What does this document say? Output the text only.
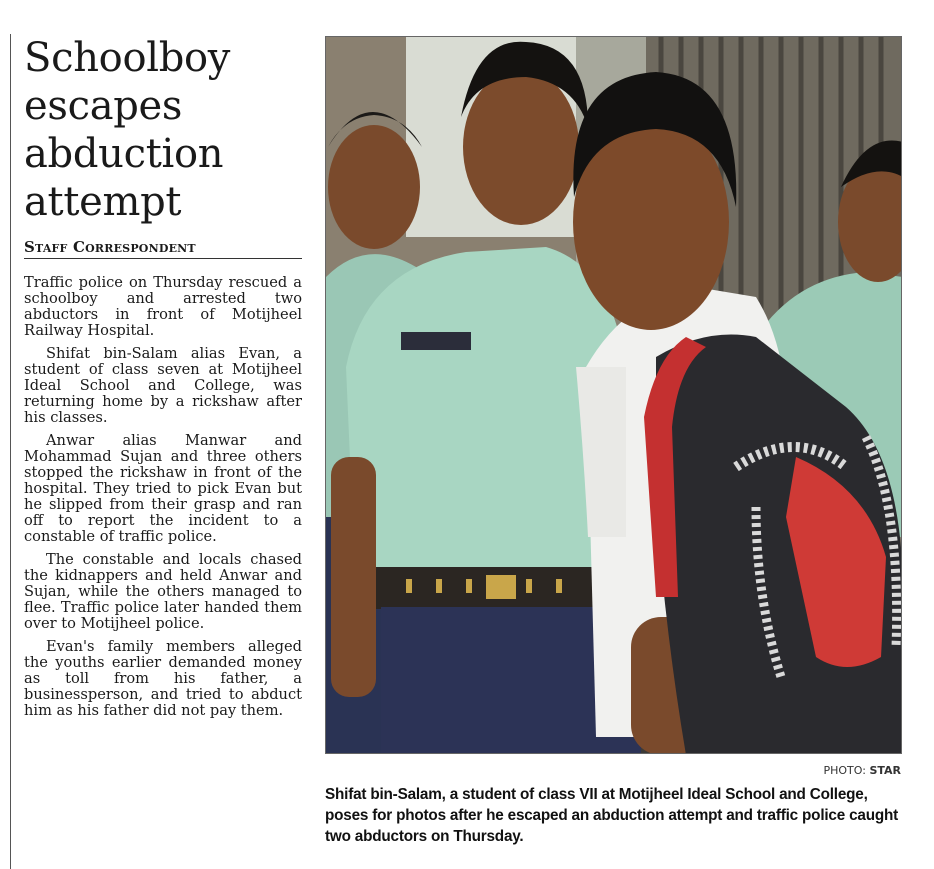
Schoolboy escapes abduction attempt
Staff Correspondent

Traffic police on Thursday rescued a schoolboy and arrested two abductors in front of Motijheel Railway Hospital.

Shifat bin-Salam alias Evan, a student of class seven at Motijheel Ideal School and College, was returning home by a rickshaw after his classes.

Anwar alias Manwar and Mohammad Sujan and three others stopped the rickshaw in front of the hospital. They tried to pick Evan but he slipped from their grasp and ran off to report the incident to a constable of traffic police.

The constable and locals chased the kidnappers and held Anwar and Sujan, while the others managed to flee. Traffic police later handed them over to Motijheel police.

Evan's family members alleged the youths earlier demanded money as toll from his father, a businessperson, and tried to abduct him as his father did not pay them.

PHOTO: STAR
Shifat bin-Salam, a student of class VII at Motijheel Ideal School and College, poses for photos after he escaped an abduction attempt and traffic police caught two abductors on Thursday.
